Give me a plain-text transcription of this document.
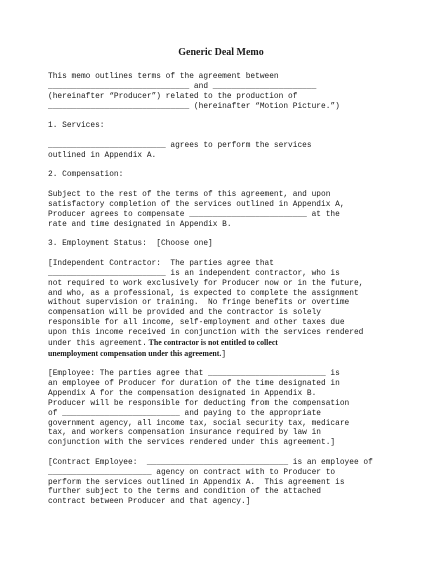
Generic Deal Memo
This memo outlines terms of the agreement between
______________________________ and ______________________
(hereinafter “Producer”) related to the production of
______________________________ (hereinafter “Motion Picture.”)
1. Services:
_________________________ agrees to perform the services
outlined in Appendix A.
2. Compensation:
Subject to the rest of the terms of this agreement, and upon
satisfactory completion of the services outlined in Appendix A,
Producer agrees to compensate _________________________ at the
rate and time designated in Appendix B.
3. Employment Status:  [Choose one]
[Independent Contractor:  The parties agree that
_________________________ is an independent contractor, who is
not required to work exclusively for Producer now or in the future,
and who, as a professional, is expected to complete the assignment
without supervision or training.  No fringe benefits or overtime
compensation will be provided and the contractor is solely
responsible for all income, self-employment and other taxes due
upon this income received in conjunction with the services rendered
under this agreement. The contractor is not entitled to collect
unemployment compensation under this agreement.]
[Employee: The parties agree that _________________________ is
an employee of Producer for duration of the time designated in
Appendix A for the compensation designated in Appendix B.
Producer will be responsible for deducting from the compensation
of _________________________ and paying to the appropriate
government agency, all income tax, social security tax, medicare
tax, and workers compensation insurance required by law in
conjunction with the services rendered under this agreement.]
[Contract Employee:  ______________________________ is an employee of
______________________ agency on contract with to Producer to
perform the services outlined in Appendix A.  This agreement is
further subject to the terms and condition of the attached
contract between Producer and that agency.]
